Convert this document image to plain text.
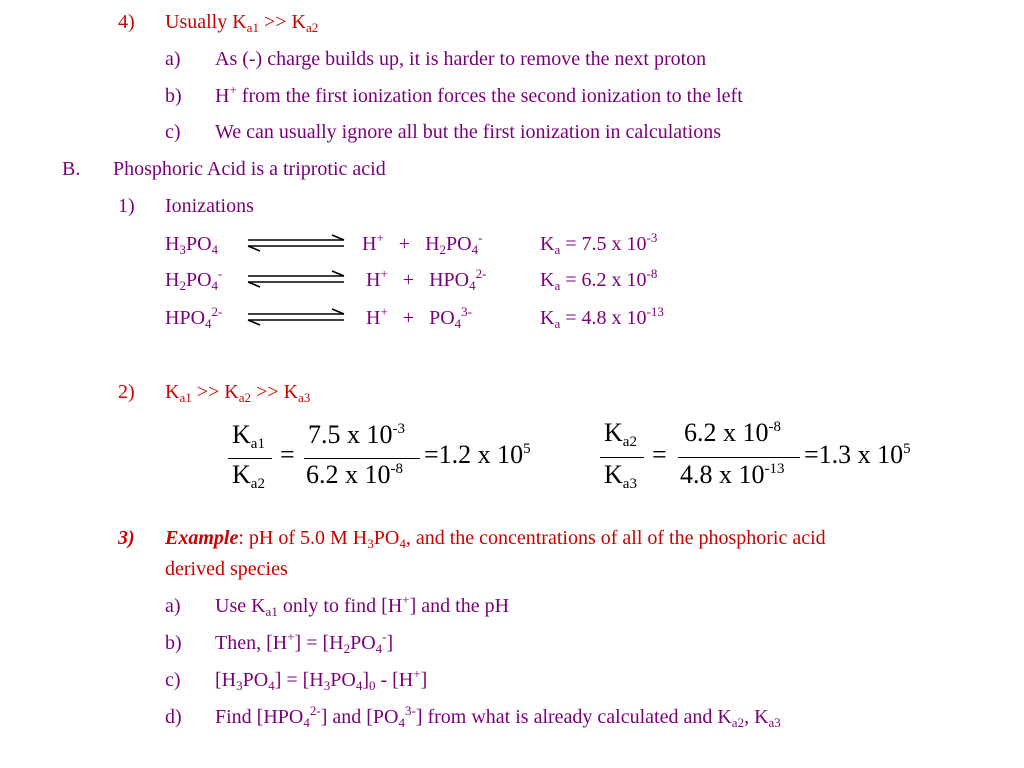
4) Usually $K_{a1} >> K_{a2}$
a) As (-) charge builds up, it is harder to remove the next proton
b) H+ from the first ionization forces the second ionization to the left
c) We can usually ignore all but the first ionization in calculations
B. Phosphoric Acid is a triprotic acid
1) Ionizations
$H_3PO_4$	$H^+ + H_2PO_4^-$	$K_a = 7.5$ x $10^{-3}$
$H_2PO_4^-$	$H^+ + HPO_4^{2-}$	$K_a = 6.2$ x $10^{-8}$
$HPO_4^{2-}$	$H^+ + PO_4^{3-}$	$K_a = 4.8$ x $10^{-13}$
2) $K_{a1} >> K_{a2} >> K_{a3}$
$K_{a1}$
$K_{a2}$
=
7.5 x $10^{-3}$
6.2 x $10^{-8} =1.2$ x $10^5$
$K_{a2}$
$K_{a3}$
=
6.2 x $10^{-8}$
4.8 x $10^{-13} =1.3$ x $10^5$
3) Example: pH of 5.0 M $H_3PO_4$, and the concentrations of all of the phosphoric acid
derived species
a) Use $K_{a1}$ only to find [H+] and the pH
b) Then, $[H^+] = [H_2PO_4^-]$
c) $[H_3PO_4] = [H_3PO_4]_0 - [H^+]$
d) Find $[HPO_4^{2-}]$ and $[PO_4^{3-}]$ from what is already calculated and $K_{a2}$, $K_{a3}$
